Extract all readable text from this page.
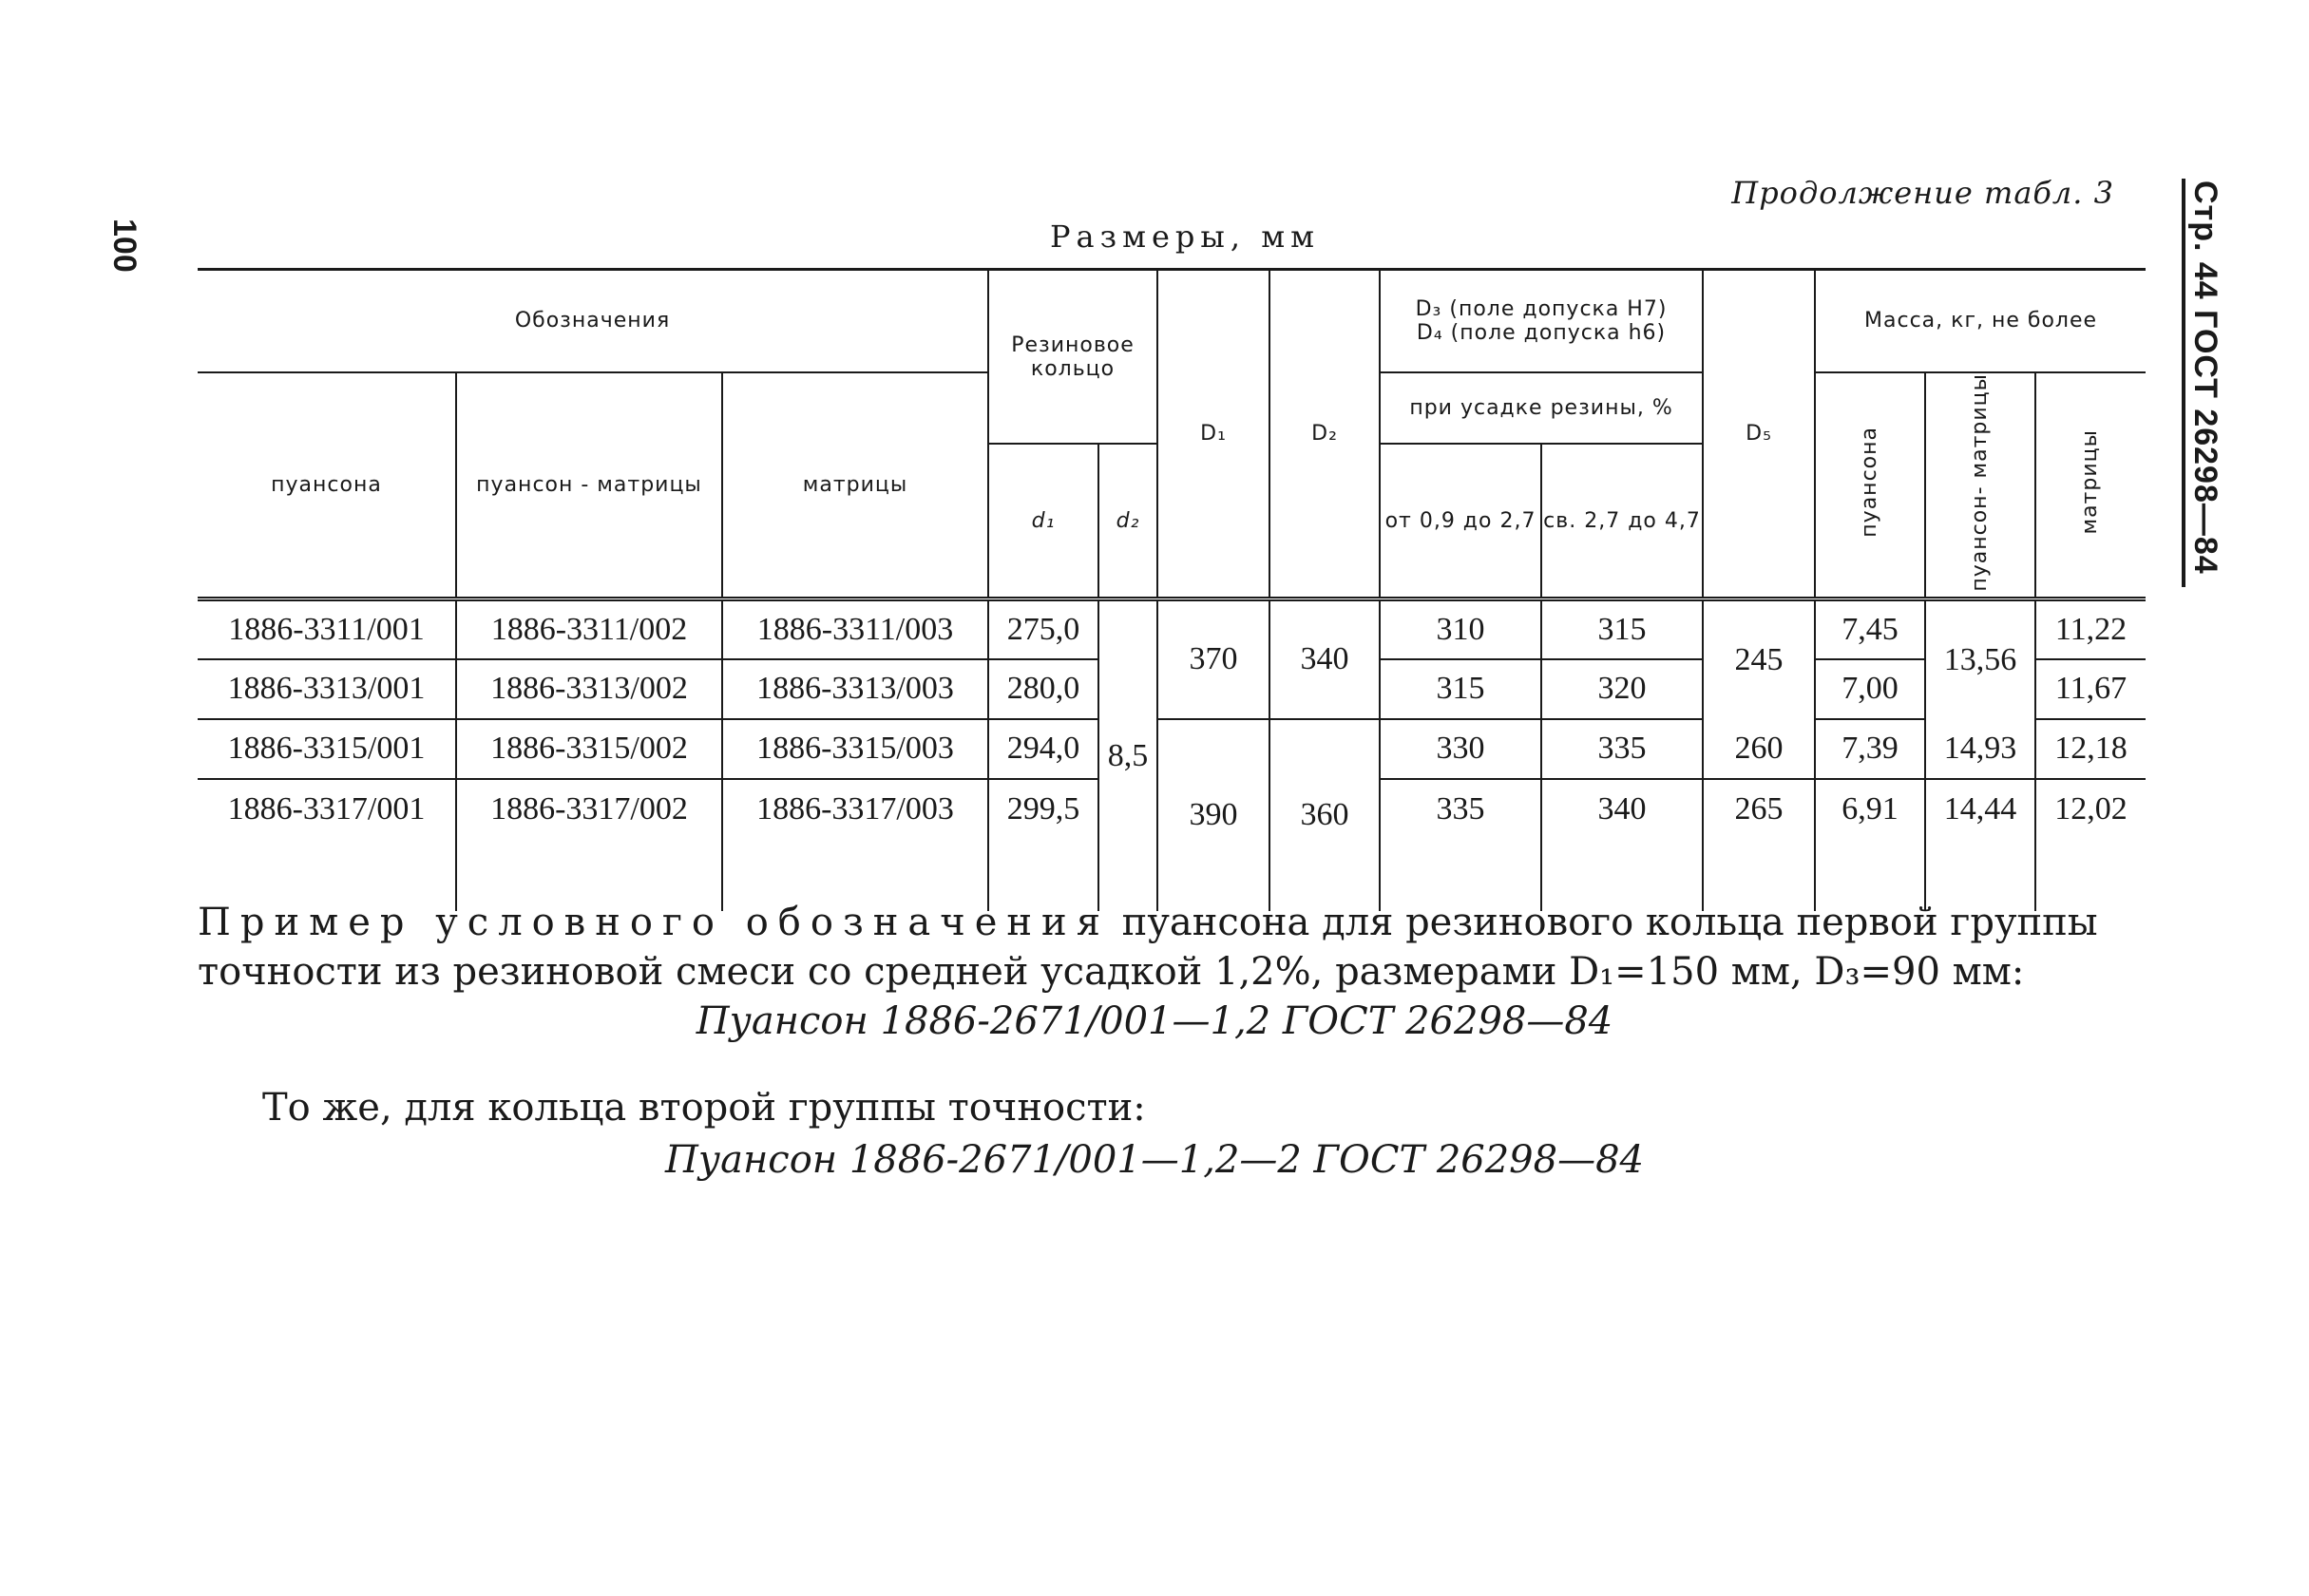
100	Стр. 44 ГОСТ 26298—84
Продолжение табл. 3
Размеры, мм
Обозначения			Резиновое кольцо		D₁	D₂	D₃ (поле допуска H7)
D₄ (поле допуска h6)		D₅	Масса, кг, не более		
пуансона	пуансон - матрицы	матрицы					при усадке резины, %			пуансона	пуансон- матрицы	матрицы
			d₁	d₂			от 0,9 до 2,7	св. 2,7 до 4,7				
1886-3311/001	1886-3311/002	1886-3311/003	275,0	8,5	370	340	310	315	245	7,45	13,56	11,22
1886-3313/001	1886-3313/002	1886-3313/003	280,0				315	320		7,00		11,67
1886-3315/001	1886-3315/002	1886-3315/003	294,0		390	360	330	335	260	7,39	14,93	12,18
1886-3317/001	1886-3317/002	1886-3317/003	299,5				335	340	265	6,91	14,44	12,02

Пример условного обозначения пуансона для резинового кольца первой группы точности из резиновой смеси со средней усадкой 1,2%, размерами D₁=150 мм, D₃=90 мм:
Пуансон 1886-2671/001—1,2 ГОСТ 26298—84
То же, для кольца второй группы точности:
Пуансон 1886-2671/001—1,2—2 ГОСТ 26298—84
